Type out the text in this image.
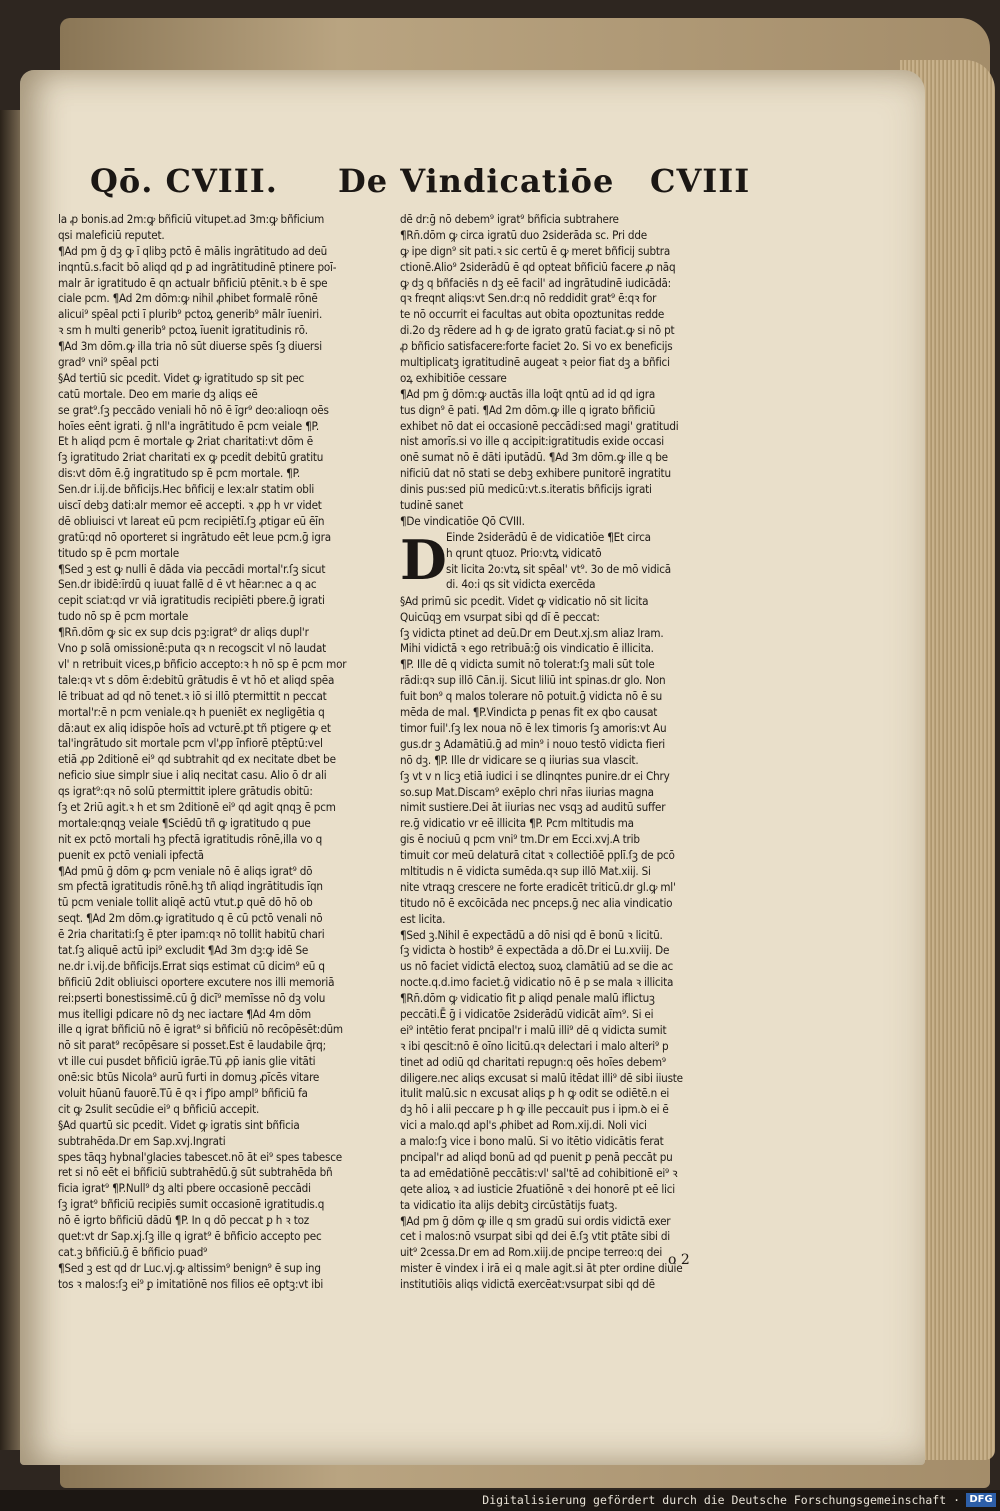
Qō. CVIII. De Vindicatiōe CVIII
la ꝓ bonis.ad 2m:ꝙ bñficiū vitupet.ad 3m:ꝙ bñficium
qsi maleficiū reputet.
¶Ad pm ḡ dꝫ ꝙ ī qlibꝫ pctō ē mālis ingrātitudo ad deū
inqntū.s.facit bō aliqd qd ꝑ ad ingrātitudinē ptinere poī-
malr ār igratitudo ē qn actualr bñficiū ptēnit.ꝛ b ē spe
ciale pcm. ¶Ad 2m dōm:ꝙ nihil ꝓhibet formalē rōnē
alicui⁹ spēal pcti ī plurib⁹ pctoꝝ generib⁹ mālr īueniri.
ꝛ sm h multi generib⁹ pctoꝝ īuenit igratitudinis rō.
¶Ad 3m dōm.ꝙ illa tria nō sūt diuerse spēs ſꝫ diuersi
grad⁹ vni⁹ spēal pcti
§Ad tertiū sic pcedit. Videt ꝙ igratitudo sp sit pec
catū mortale. Deo em marie dꝫ aliqs eē
se grat⁹.ſꝫ peccādo veniali hō nō ē īgr⁹ deo:alioqn oēs
hoīes eēnt igrati. ḡ nll'a ingrātitudo ē pcm veiale ¶P.
Et h aliqd pcm ē mortale ꝙ 2riat charitati:vt dōm ē
ſꝫ igratitudo 2riat charitati ex ꝙ pcedit debitū gratitu
dis:vt dōm ē.ḡ ingratitudo sp ē pcm mortale. ¶P.
Sen.dr i.ij.de bñficijs.Hec bñficij e lex:alr statim obli
uiscī debꝫ dati:alr memor eē accepti. ꝛ ꝓp h vr videt
dē obliuisci vt lareat eū pcm recipiētī.ſꝫ ꝓtigar eū ēīn
gratū:qd nō oporteret si ingrātudo eēt leue pcm.ḡ igra
titudo sp ē pcm mortale
¶Sed ꝫ est ꝙ nulli ē dāda via peccādi mortal'r.ſꝫ sicut
Sen.dr ibidē:īrdū q iuuat fallē d ē vt hēar:nec a q ac
cepit sciat:qd vr viā igratitudis recipiēti pbere.ḡ igrati
tudo nō sp ē pcm mortale
¶Rn̄.dōm ꝙ sic ex sup dcis pꝫ:igrat⁹ dr aliqs dupl'r
Vno ꝑ solā omissionē:puta qꝛ n recogscit vl nō laudat
vl' n retribuit vices,p bñficio accepto:ꝛ h nō sp ē pcm mor
tale:qꝛ vt s dōm ē:debitū grātudis ē vt hō et aliqd spēa
lē tribuat ad qd nō tenet.ꝛ iō si illō ptermittit n peccat
mortal'r:ē n pcm veniale.qꝛ h pueniēt ex negligētia q
dā:aut ex aliq idispōe hoīs ad vcturē.ꝑt tñ ptigere ꝙ et
tal'ingrātudo sit mortale pcm vl'ꝓp īnfiorē ptēptū:vel
etiā ꝓp 2ditionē ei⁹ qd subtrahit qd ex necitate dbet be
neficio siue simplr siue i aliq necitat casu. Alio ō dr ali
qs igrat⁹:qꝛ nō solū ptermittit iplere grātudis obitū:
ſꝫ et 2riū agit.ꝛ h et sm 2ditionē ei⁹ qd agit qnqꝫ ē pcm
mortale:qnqꝫ veiale ¶Sciēdū tñ ꝙ igratitudo q pue
nit ex pctō mortali hꝫ pfectā igratitudis rōnē,illa vo q
puenit ex pctō veniali ipfectā
¶Ad pmū ḡ dōm ꝙ pcm veniale nō ē aliqs igrat⁹ dō
sm pfectā igratitudis rōnē.hꝫ tñ aliqd ingrātitudis īqn
tū pcm veniale tollit aliqē actū vtut.ꝑ quē dō hō ob
seqt. ¶Ad 2m dōm.ꝙ igratitudo q ē cū pctō venali nō
ē 2ria charitati:ſꝫ ē pter ipam:qꝛ nō tollit habitū chari
tat.ſꝫ aliquē actū ipi⁹ excludit ¶Ad 3m dꝫ:ꝙ idē Se
ne.dr i.vij.de bñficijs.Errat siqs estimat cū dicim⁹ eū q
bñficiū 2dit obliuisci oportere excutere nos illi memoriā
rei:pserti bonestissimē.cū ḡ dicī⁹ memīsse nō dꝫ volu
mus itelligi pdicare nō dꝫ nec iactare ¶Ad 4m dōm
ille q igrat bñficiū nō ē igrat⁹ si bñficiū nō recōpēsēt:dūm
nō sit parat⁹ recōpēsare si posset.Est ē laudabile q̄rq;
vt ille cui pusdet bñficiū igrāe.Tū ꝓp̄ ianis glie vitāti
onē:sic btūs Nicola⁹ aurū furti in domuꝫ ꝓīcēs vitare
voluit hūanū fauorē.Tū ē qꝛ i ꝭiꝑo ampl⁹ bñficiū fa
cit ꝙ 2sulit secūdie ei⁹ q bñficiū accepit.
§Ad quartū sic pcedit. Videt ꝙ igratis sint bñficia
subtrahēda.Dr em Sap.xvj.Ingrati
spes tāqꝫ hybnal'glacies tabescet.nō āt ei⁹ spes tabesce
ret si nō eēt ei bñficiū subtrahēdū.ḡ sūt subtrahēda bñ
ficia igrat⁹ ¶P.Null⁹ dꝫ alti pbere occasionē peccādi
ſꝫ igrat⁹ bñficiū recipiēs sumit occasionē igratitudis.q
nō ē igrto bñficiū dādū ¶P. In q dō peccat ꝑ h ꝛ toz
quet:vt dr Sap.xj.ſꝫ ille q igrat⁹ ē bñficio accepto pec
cat.ꝫ bñficiū.ḡ ē bñficio puad⁹
¶Sed ꝫ est qd dr Luc.vj.ꝙ altissim⁹ benign⁹ ē sup ing
tos ꝛ malos:ſꝫ ei⁹ ꝑ imitatiōnē nos filios eē optꝫ:vt ibi
dē dr:ḡ nō debem⁹ igrat⁹ bñficia subtrahere
¶Rn̄.dōm ꝙ circa igratū duo 2siderāda sc. Pri dde
ꝙ ipe dign⁹ sit pati.ꝛ sic certū ē ꝙ meret bñficij subtra
ctionē.Alio⁹ 2siderādū ē qd opteat bñficiū facere ꝓ nāq
ꝙ dꝫ q bñfaciēs n dꝫ eē facil' ad ingrātudinē iudicādā:
qꝛ freqnt aliqs:vt Sen.dr:q nō reddidit grat⁹ ē:qꝛ for
te nō occurrit ei facultas aut obita opoztunitas redde
di.2o dꝫ rēdere ad h ꝙ de igrato gratū faciat.ꝙ si nō pt
ꝓ bñficio satisfacere:forte faciet 2o. Si vo ex beneficijs
multiplicatꝫ igratitudinē augeat ꝛ peior fiat dꝫ a bñfici
oꝝ exhibitiōe cessare
¶Ad pm ḡ dōm:ꝙ auctās illa loq̄t qntū ad id qd igra
tus dign⁹ ē pati. ¶Ad 2m dōm.ꝙ ille q igrato bñficiū
exhibet nō dat ei occasionē peccādi:sed magi' gratitudi
nist amorīs.si vo ille q accipit:igratitudis exide occasi
onē sumat nō ē dāti iputādū. ¶Ad 3m dōm.ꝙ ille q be
nificiū dat nō stati se debꝫ exhibere punitorē ingratitu
dinis pus:sed piū medicū:vt.s.iteratis bñficijs igrati
tudinē sanet
¶De vindicatiōe Qō CVIII.
D Einde 2siderādū ē de vidicatiōe ¶Et circa
h qrunt qtuoz. Prio:vtꝝ vidicatō
sit licita 2o:vtꝝ sit spēal' vt⁹. 3o de mō vidicā
di. 4o:i qs sit vidicta exercēda
§Ad primū sic pcedit. Videt ꝙ vidicatio nō sit licita
Quicūqꝫ em vsurpat sibi qd dī ē peccat:
ſꝫ vidicta ptinet ad deū.Dr em Deut.xj.sm aliaz lram.
Mihi vidictā ꝛ ego retribuā:ḡ ois vindicatio ē illicita.
¶P. Ille dē q vidicta sumit nō tolerat:ſꝫ mali sūt tole
rādi:qꝛ sup illō Cān.ij. Sicut liliū int spinas.dr glo. Non
fuit bon⁹ q malos tolerare nō potuit.ḡ vidicta nō ē su
mēda de mal. ¶P.Vindicta ꝑ penas fit ex qbo causat
timor fuil'.ſꝫ lex noua nō ē lex timoris ſꝫ amoris:vt Au
gus.dr ꝫ Adamātiū.ḡ ad min⁹ i nouo testō vidicta fieri
nō dꝫ. ¶P. Ille dr vidicare se q iiurias sua vlascit.
ſꝫ vt v n licꝫ etiā iudici i se dlinqntes punire.dr ei Chry
so.sup Mat.Discam⁹ exēplo chri nr̄as iiurias magna
nimit sustiere.Dei āt iiurias nec vsqꝫ ad auditū suffer
re.ḡ vidicatio vr eē illicita ¶P. Pcm mltitudis ma
gis ē nociuū q pcm vni⁹ tm.Dr em Ecci.xvj.A trib
timuit cor meū delaturā citat ꝛ collectiōē pplī.ſꝫ de pcō
mltitudis n ē vidicta sumēda.qꝛ sup illō Mat.xiij. Si
nite vtraqꝫ crescere ne forte eradicēt triticū.dr gl.ꝙ ml'
titudo nō ē excōicāda nec pnceps.ḡ nec alia vindicatio
est licita.
¶Sed ꝫ.Nihil ē expectādū a dō nisi qd ē bonū ꝛ licitū.
ſꝫ vidicta ꝺ hostib⁹ ē expectāda a dō.Dr ei Lu.xviij. De
us nō faciet vidictā electoꝝ suoꝝ clamātiū ad se die ac
nocte.q.d.imo faciet.ḡ vidicatio nō ē p se mala ꝛ illicita
¶Rn̄.dōm ꝙ vidicatio fit ꝑ aliqd penale malū iflictuꝫ
peccāti.Ē ḡ i vidicatōe 2siderādū vidicāt aīm⁹. Si ei
ei⁹ intētio ferat pncipal'r i malū illi⁹ dē q vidicta sumit
ꝛ ibi qescit:nō ē oīno licitū.qꝛ delectari i malo alteri⁹ p
tinet ad odiū qd charitati repugn:q oēs hoīes debem⁹
diligere.nec aliqs excusat si malū itēdat illi⁹ dē sibi iiuste
itulit malū.sic n excusat aliqs ꝑ h ꝙ odit se odiētē.n ei
dꝫ hō i alii peccare ꝑ h ꝙ ille peccauit pus i ipm.ꝺ ei ē
vici a malo.qd apl's ꝓhibet ad Rom.xij.di. Noli vici
a malo:ſꝫ vice i bono malū. Si vo itētio vidicātis ferat
pncipal'r ad aliqd bonū ad qd puenit ꝑ penā peccāt pu
ta ad emēdatiōnē peccātis:vl' sal'tē ad cohibitionē ei⁹ ꝛ
qete alioꝝ ꝛ ad iusticie 2fuatiōnē ꝛ dei honorē pt eē lici
ta vidicatio ita alijs debitꝫ circūstātijs fuatꝫ.
¶Ad pm ḡ dōm ꝙ ille q sm gradū sui ordis vidictā exer
cet i malos:nō vsurpat sibi qd dei ē.ſꝫ vtit ꝑtāte sibi di
uit⁹ 2cessa.Dr em ad Rom.xiij.de pncipe terreo:q dei
mister ē vindex i irā ei q male agit.si āt pter ordine diuie
institutiōis aliqs vidictā exercēat:vsurpat sibi qd dē
o 2
Digitalisierung gefördert durch die Deutsche Forschungsgemeinschaft · DFG
